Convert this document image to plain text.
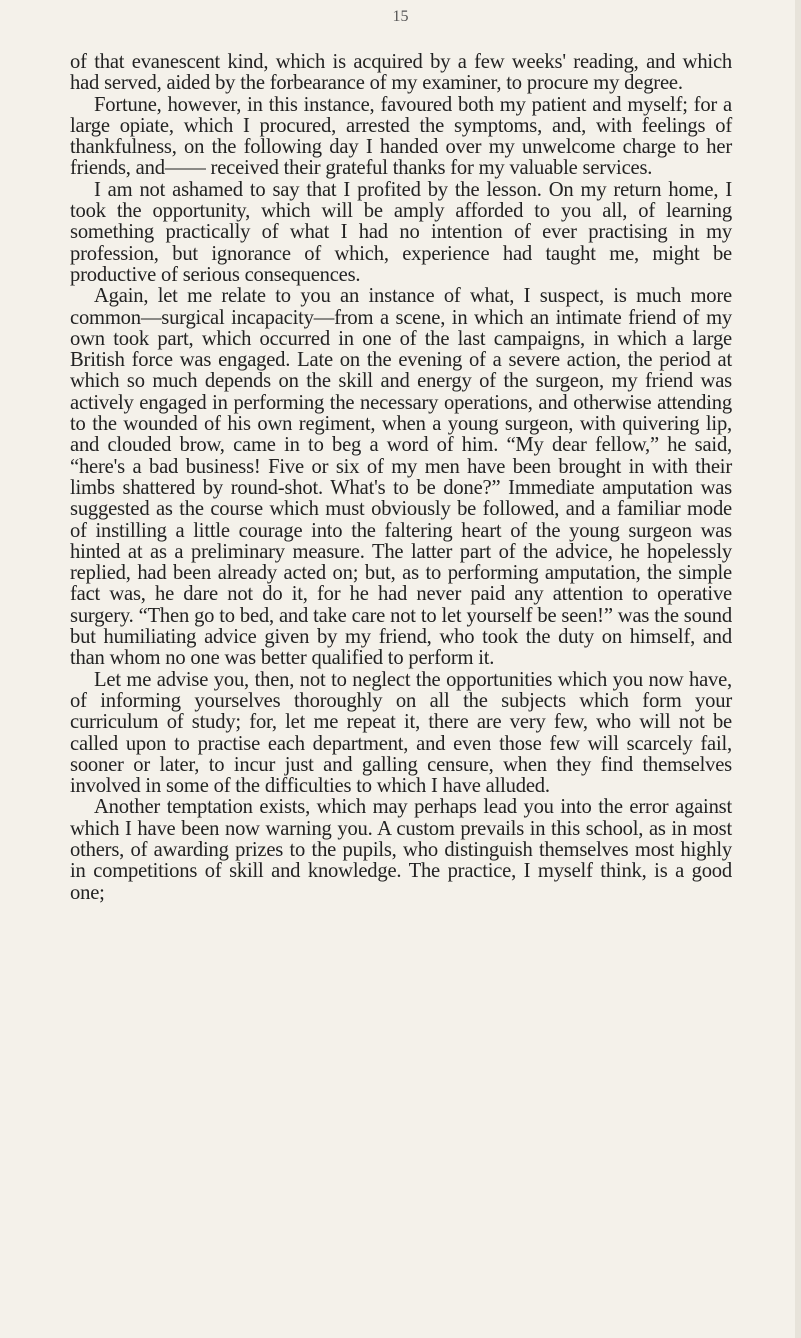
15

of that evanescent kind, which is acquired by a few weeks' reading, and which had served, aided by the forbearance of my examiner, to procure my degree.

Fortune, however, in this instance, favoured both my patient and myself; for a large opiate, which I procured, arrested the symptoms, and, with feelings of thankfulness, on the following day I handed over my unwelcome charge to her friends, and—— received their grateful thanks for my valuable services.

I am not ashamed to say that I profited by the lesson. On my return home, I took the opportunity, which will be amply afforded to you all, of learning something practically of what I had no intention of ever practising in my profession, but ignorance of which, experience had taught me, might be productive of serious consequences.

Again, let me relate to you an instance of what, I suspect, is much more common—surgical incapacity—from a scene, in which an intimate friend of my own took part, which occurred in one of the last campaigns, in which a large British force was engaged. Late on the evening of a severe action, the period at which so much depends on the skill and energy of the surgeon, my friend was actively engaged in performing the necessary operations, and otherwise attending to the wounded of his own regiment, when a young surgeon, with quivering lip, and clouded brow, came in to beg a word of him. “My dear fellow,” he said, “here's a bad business! Five or six of my men have been brought in with their limbs shattered by round-shot. What's to be done?” Immediate amputation was suggested as the course which must obviously be followed, and a familiar mode of instilling a little courage into the faltering heart of the young surgeon was hinted at as a preliminary measure. The latter part of the advice, he hopelessly replied, had been already acted on; but, as to performing amputation, the simple fact was, he dare not do it, for he had never paid any attention to operative surgery. “Then go to bed, and take care not to let yourself be seen!” was the sound but humiliating advice given by my friend, who took the duty on himself, and than whom no one was better qualified to perform it.

Let me advise you, then, not to neglect the opportunities which you now have, of informing yourselves thoroughly on all the subjects which form your curriculum of study; for, let me repeat it, there are very few, who will not be called upon to practise each department, and even those few will scarcely fail, sooner or later, to incur just and galling censure, when they find themselves involved in some of the difficulties to which I have alluded.

Another temptation exists, which may perhaps lead you into the error against which I have been now warning you. A custom prevails in this school, as in most others, of awarding prizes to the pupils, who distinguish themselves most highly in competitions of skill and knowledge. The practice, I myself think, is a good one;
